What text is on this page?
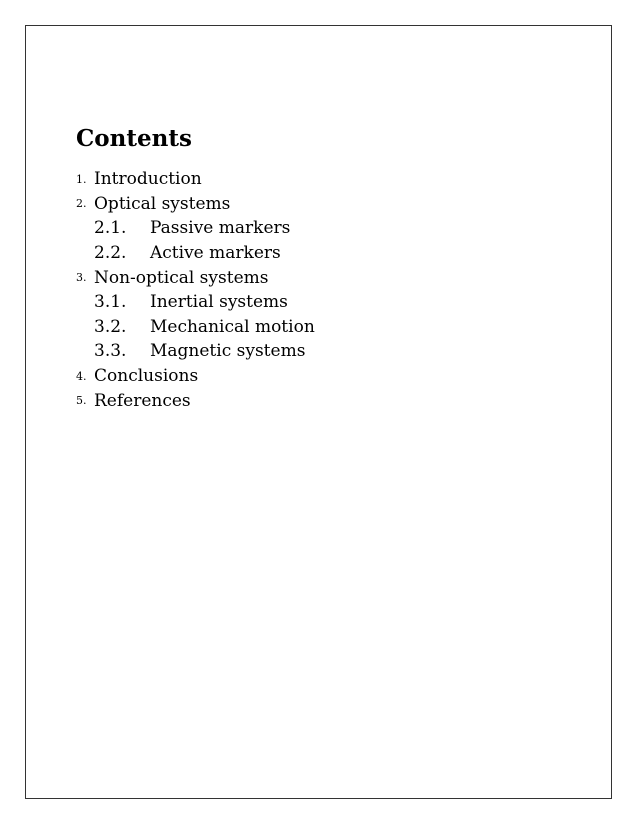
Contents
1. Introduction
2. Optical systems
2.1.	Passive markers
2.2.	Active markers
3. Non-optical systems
3.1.	Inertial systems
3.2.	Mechanical motion
3.3.	Magnetic systems
4. Conclusions
5. References
